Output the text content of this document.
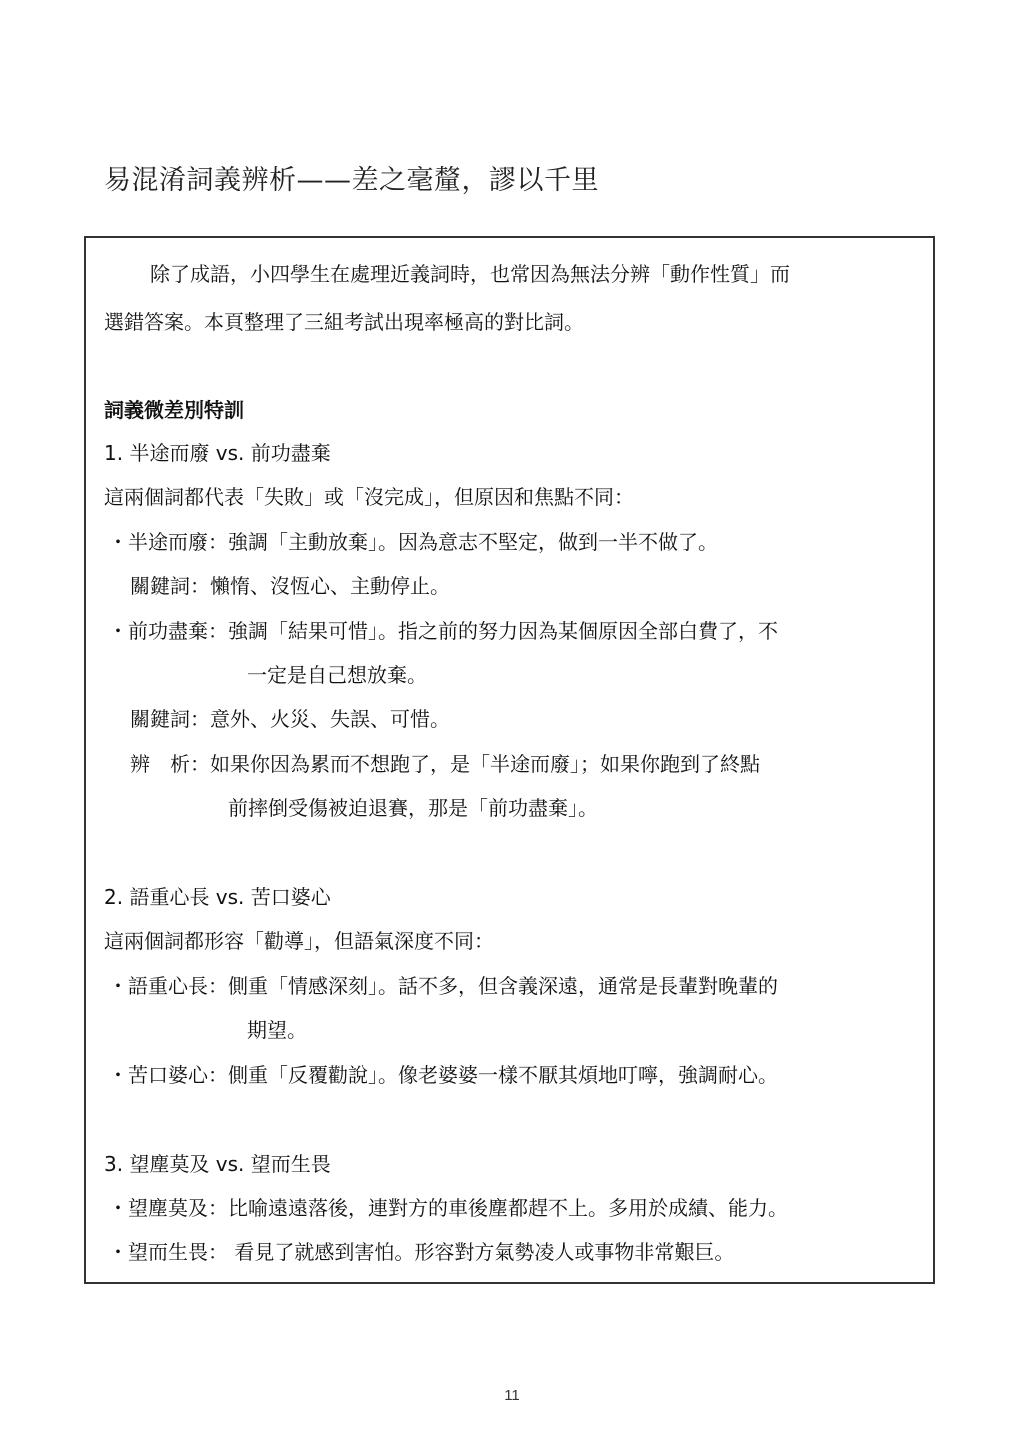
易混淆詞義辨析——差之毫釐，謬以千里
除了成語，小四學生在處理近義詞時，也常因為無法分辨「動作性質」而
選錯答案。本頁整理了三組考試出現率極高的對比詞。
詞義微差別特訓
1. 半途而廢 vs. 前功盡棄
這兩個詞都代表「失敗」或「沒完成」，但原因和焦點不同：
・半途而廢：強調「主動放棄」。因為意志不堅定，做到一半不做了。
關鍵詞：懶惰、沒恆心、主動停止。
・前功盡棄：強調「結果可惜」。指之前的努力因為某個原因全部白費了，不
一定是自己想放棄。
關鍵詞：意外、火災、失誤、可惜。
辨　析：如果你因為累而不想跑了，是「半途而廢」；如果你跑到了終點
前摔倒受傷被迫退賽，那是「前功盡棄」。
2. 語重心長 vs. 苦口婆心
這兩個詞都形容「勸導」，但語氣深度不同：
・語重心長：側重「情感深刻」。話不多，但含義深遠，通常是長輩對晚輩的
期望。
・苦口婆心：側重「反覆勸說」。像老婆婆一樣不厭其煩地叮嚀，強調耐心。
3. 望塵莫及 vs. 望而生畏
・望塵莫及：比喻遠遠落後，連對方的車後塵都趕不上。多用於成績、能力。
・望而生畏： 看見了就感到害怕。形容對方氣勢凌人或事物非常艱巨。
11
